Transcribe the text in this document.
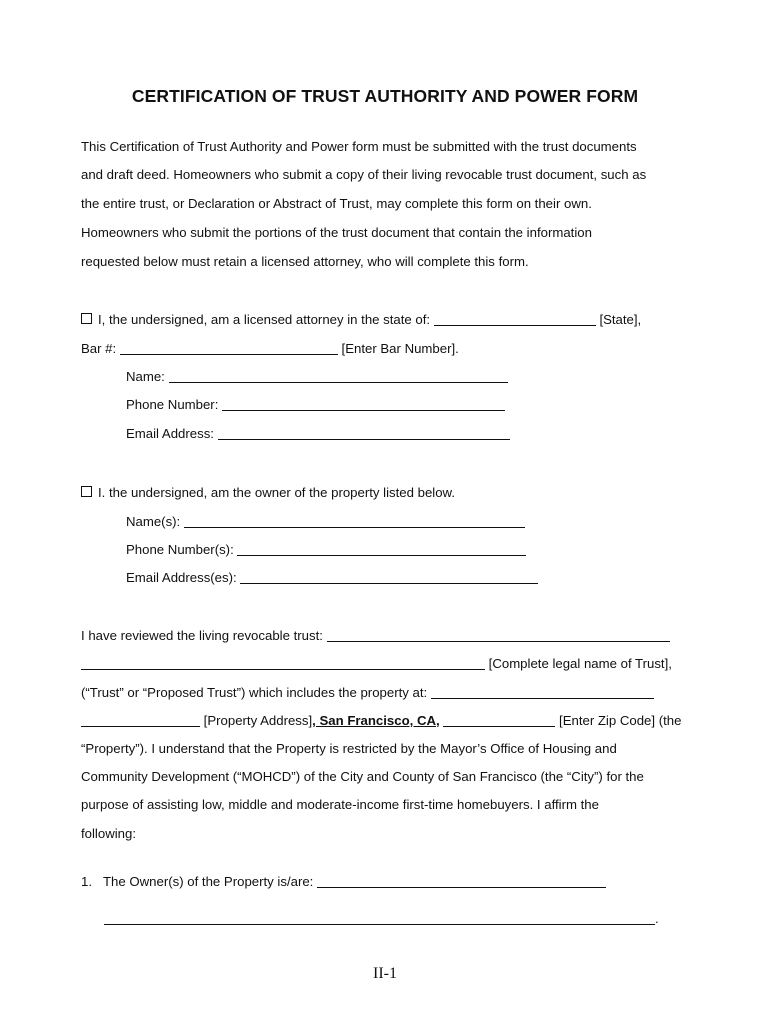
CERTIFICATION OF TRUST AUTHORITY AND POWER FORM
This Certification of Trust Authority and Power form must be submitted with the trust documents
and draft deed. Homeowners who submit a copy of their living revocable trust document, such as
the entire trust, or Declaration or Abstract of Trust, may complete this form on their own.
Homeowners who submit the portions of the trust document that contain the information
requested below must retain a licensed attorney, who will complete this form.
I, the undersigned, am a licensed attorney in the state of:	[State],
Bar #:	[Enter Bar Number].
Name:
Phone Number:
Email Address:
I. the undersigned, am the owner of the property listed below.
Name(s):
Phone Number(s):
Email Address(es):
I have reviewed the living revocable trust:
[Complete legal name of Trust],
(“Trust” or “Proposed Trust”) which includes the property at:
[Property Address], San Francisco, CA,	[Enter Zip Code] (the
“Property”). I understand that the Property is restricted by the Mayor’s Office of Housing and
Community Development (“MOHCD”) of the City and County of San Francisco (the “City”) for the
purpose of assisting low, middle and moderate-income first-time homebuyers. I affirm the
following:
1. The Owner(s) of the Property is/are:
.
II-1
